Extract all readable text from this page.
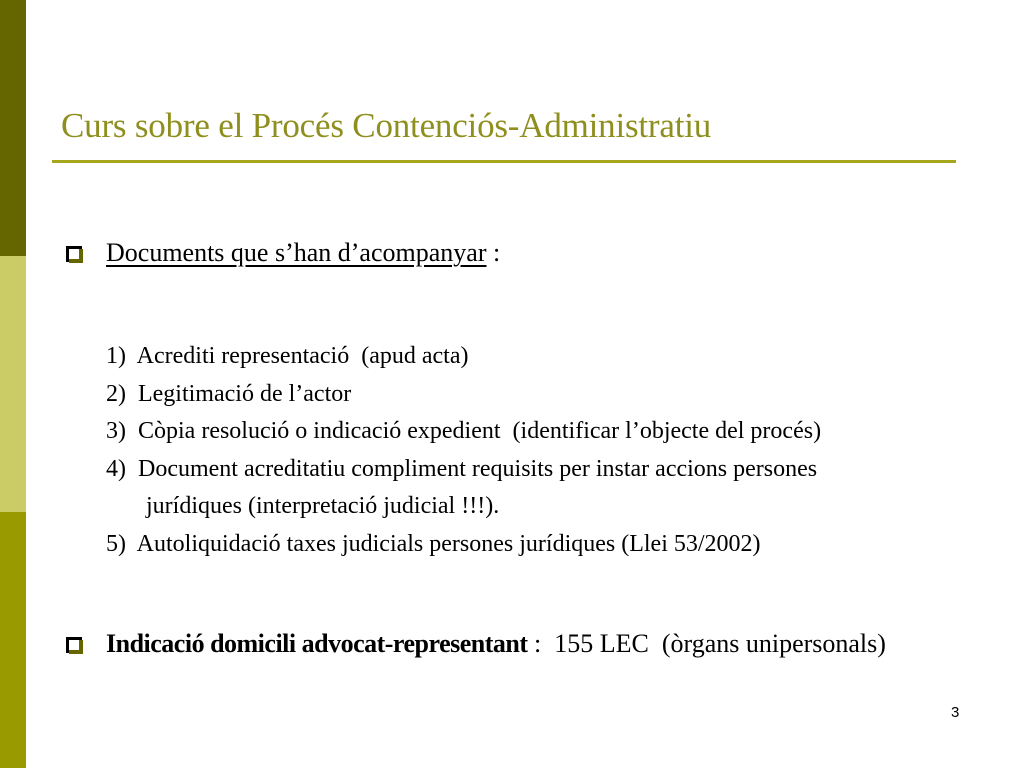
Curs sobre el Procés Contenciós-Administratiu
Documents que s’han d’acompanyar :
1)  Acrediti representació  (apud acta)
2)  Legitimació de l’actor
3)  Còpia resolució o indicació expedient  (identificar l’objecte del procés)
4)  Document acreditatiu compliment requisits per instar accions persones
jurídiques (interpretació judicial !!!).
5)  Autoliquidació taxes judicials persones jurídiques (Llei 53/2002)
Indicació domicili advocat-representant :  155 LEC  (òrgans unipersonals)
3
